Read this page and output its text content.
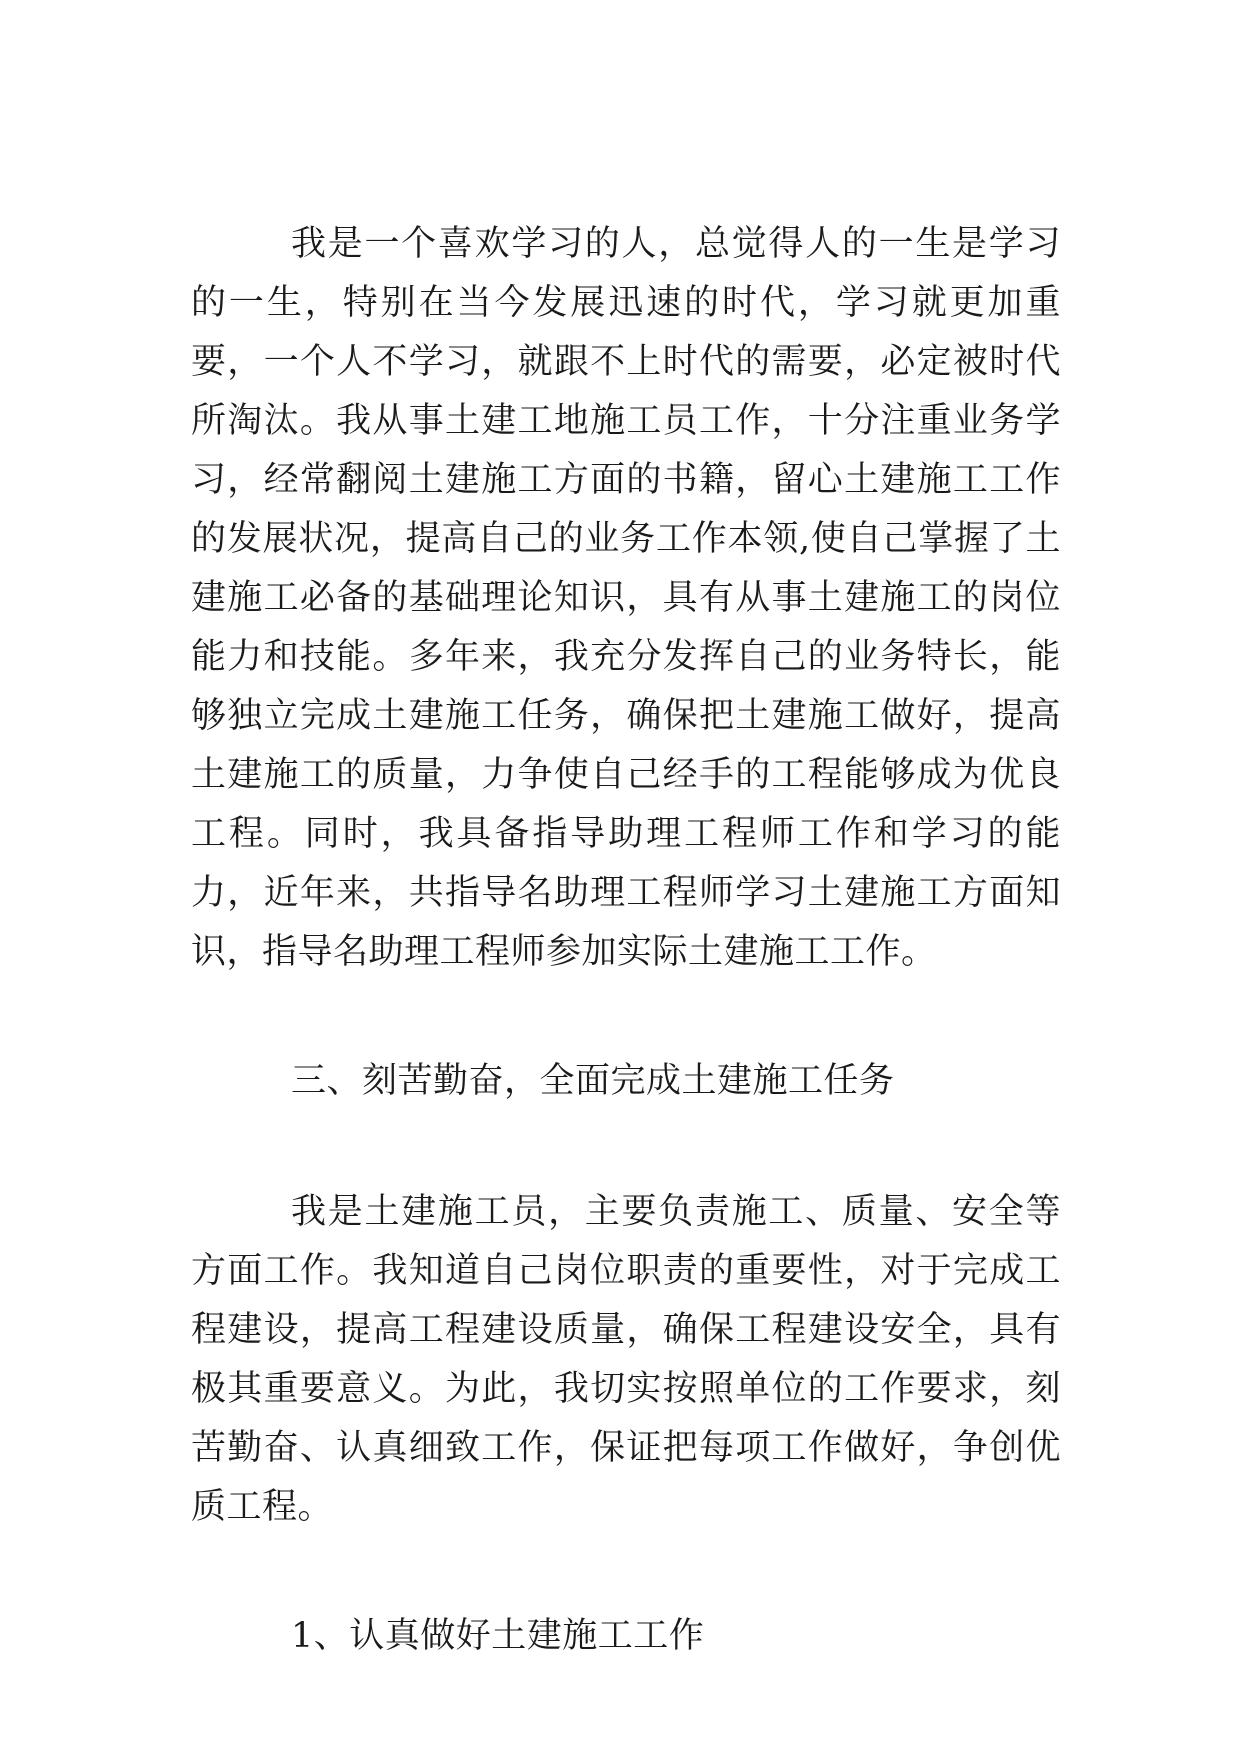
我是一个喜欢学习的人，总觉得人的一生是学习的一生，特别在当今发展迅速的时代，学习就更加重要，一个人不学习，就跟不上时代的需要，必定被时代所淘汰。我从事土建工地施工员工作，十分注重业务学习，经常翻阅土建施工方面的书籍，留心土建施工工作的发展状况，提高自己的业务工作本领,使自己掌握了土建施工必备的基础理论知识，具有从事土建施工的岗位能力和技能。多年来，我充分发挥自己的业务特长，能够独立完成土建施工任务，确保把土建施工做好，提高土建施工的质量，力争使自己经手的工程能够成为优良工程。同时，我具备指导助理工程师工作和学习的能力，近年来，共指导名助理工程师学习土建施工方面知识，指导名助理工程师参加实际土建施工工作。

三、刻苦勤奋，全面完成土建施工任务

我是土建施工员，主要负责施工、质量、安全等方面工作。我知道自己岗位职责的重要性，对于完成工程建设，提高工程建设质量，确保工程建设安全，具有极其重要意义。为此，我切实按照单位的工作要求，刻苦勤奋、认真细致工作，保证把每项工作做好，争创优质工程。

1、认真做好土建施工工作
